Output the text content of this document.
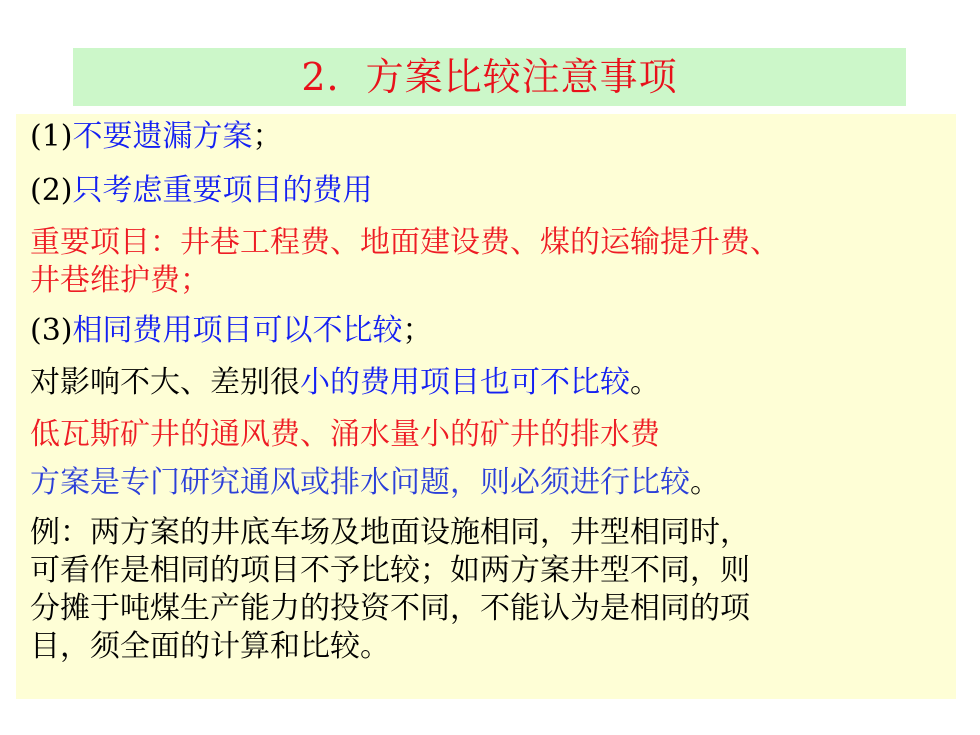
2．方案比较注意事项
(1)不要遗漏方案；
(2)只考虑重要项目的费用
重要项目：井巷工程费、地面建设费、煤的运输提升费、
井巷维护费；
(3)相同费用项目可以不比较；
对影响不大、差别很小的费用项目也可不比较。
低瓦斯矿井的通风费、涌水量小的矿井的排水费
方案是专门研究通风或排水问题，则必须进行比较。
例：两方案的井底车场及地面设施相同，井型相同时，
可看作是相同的项目不予比较；如两方案井型不同，则
分摊于吨煤生产能力的投资不同，不能认为是相同的项
目，须全面的计算和比较。
